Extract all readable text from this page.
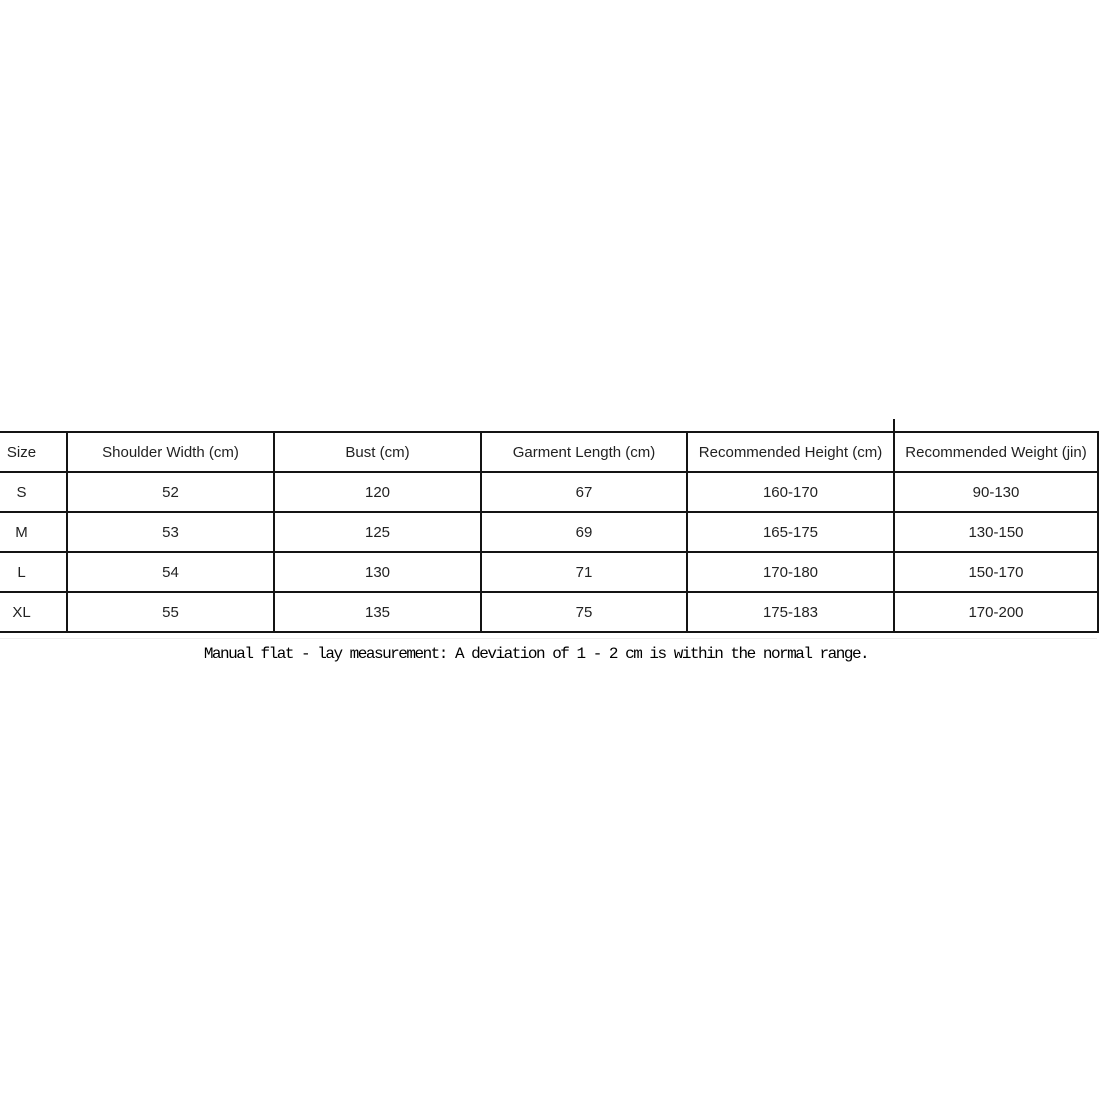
Size	Shoulder Width (cm)	Bust (cm)	Garment Length (cm)	Recommended Height (cm)	Recommended Weight (jin)
S	52	120	67	160-170	90-130
M	53	125	69	165-175	130-150
L	54	130	71	170-180	150-170
XL	55	135	75	175-183	170-200
Manual flat - lay measurement: A deviation of 1 - 2 cm is within the normal range.
